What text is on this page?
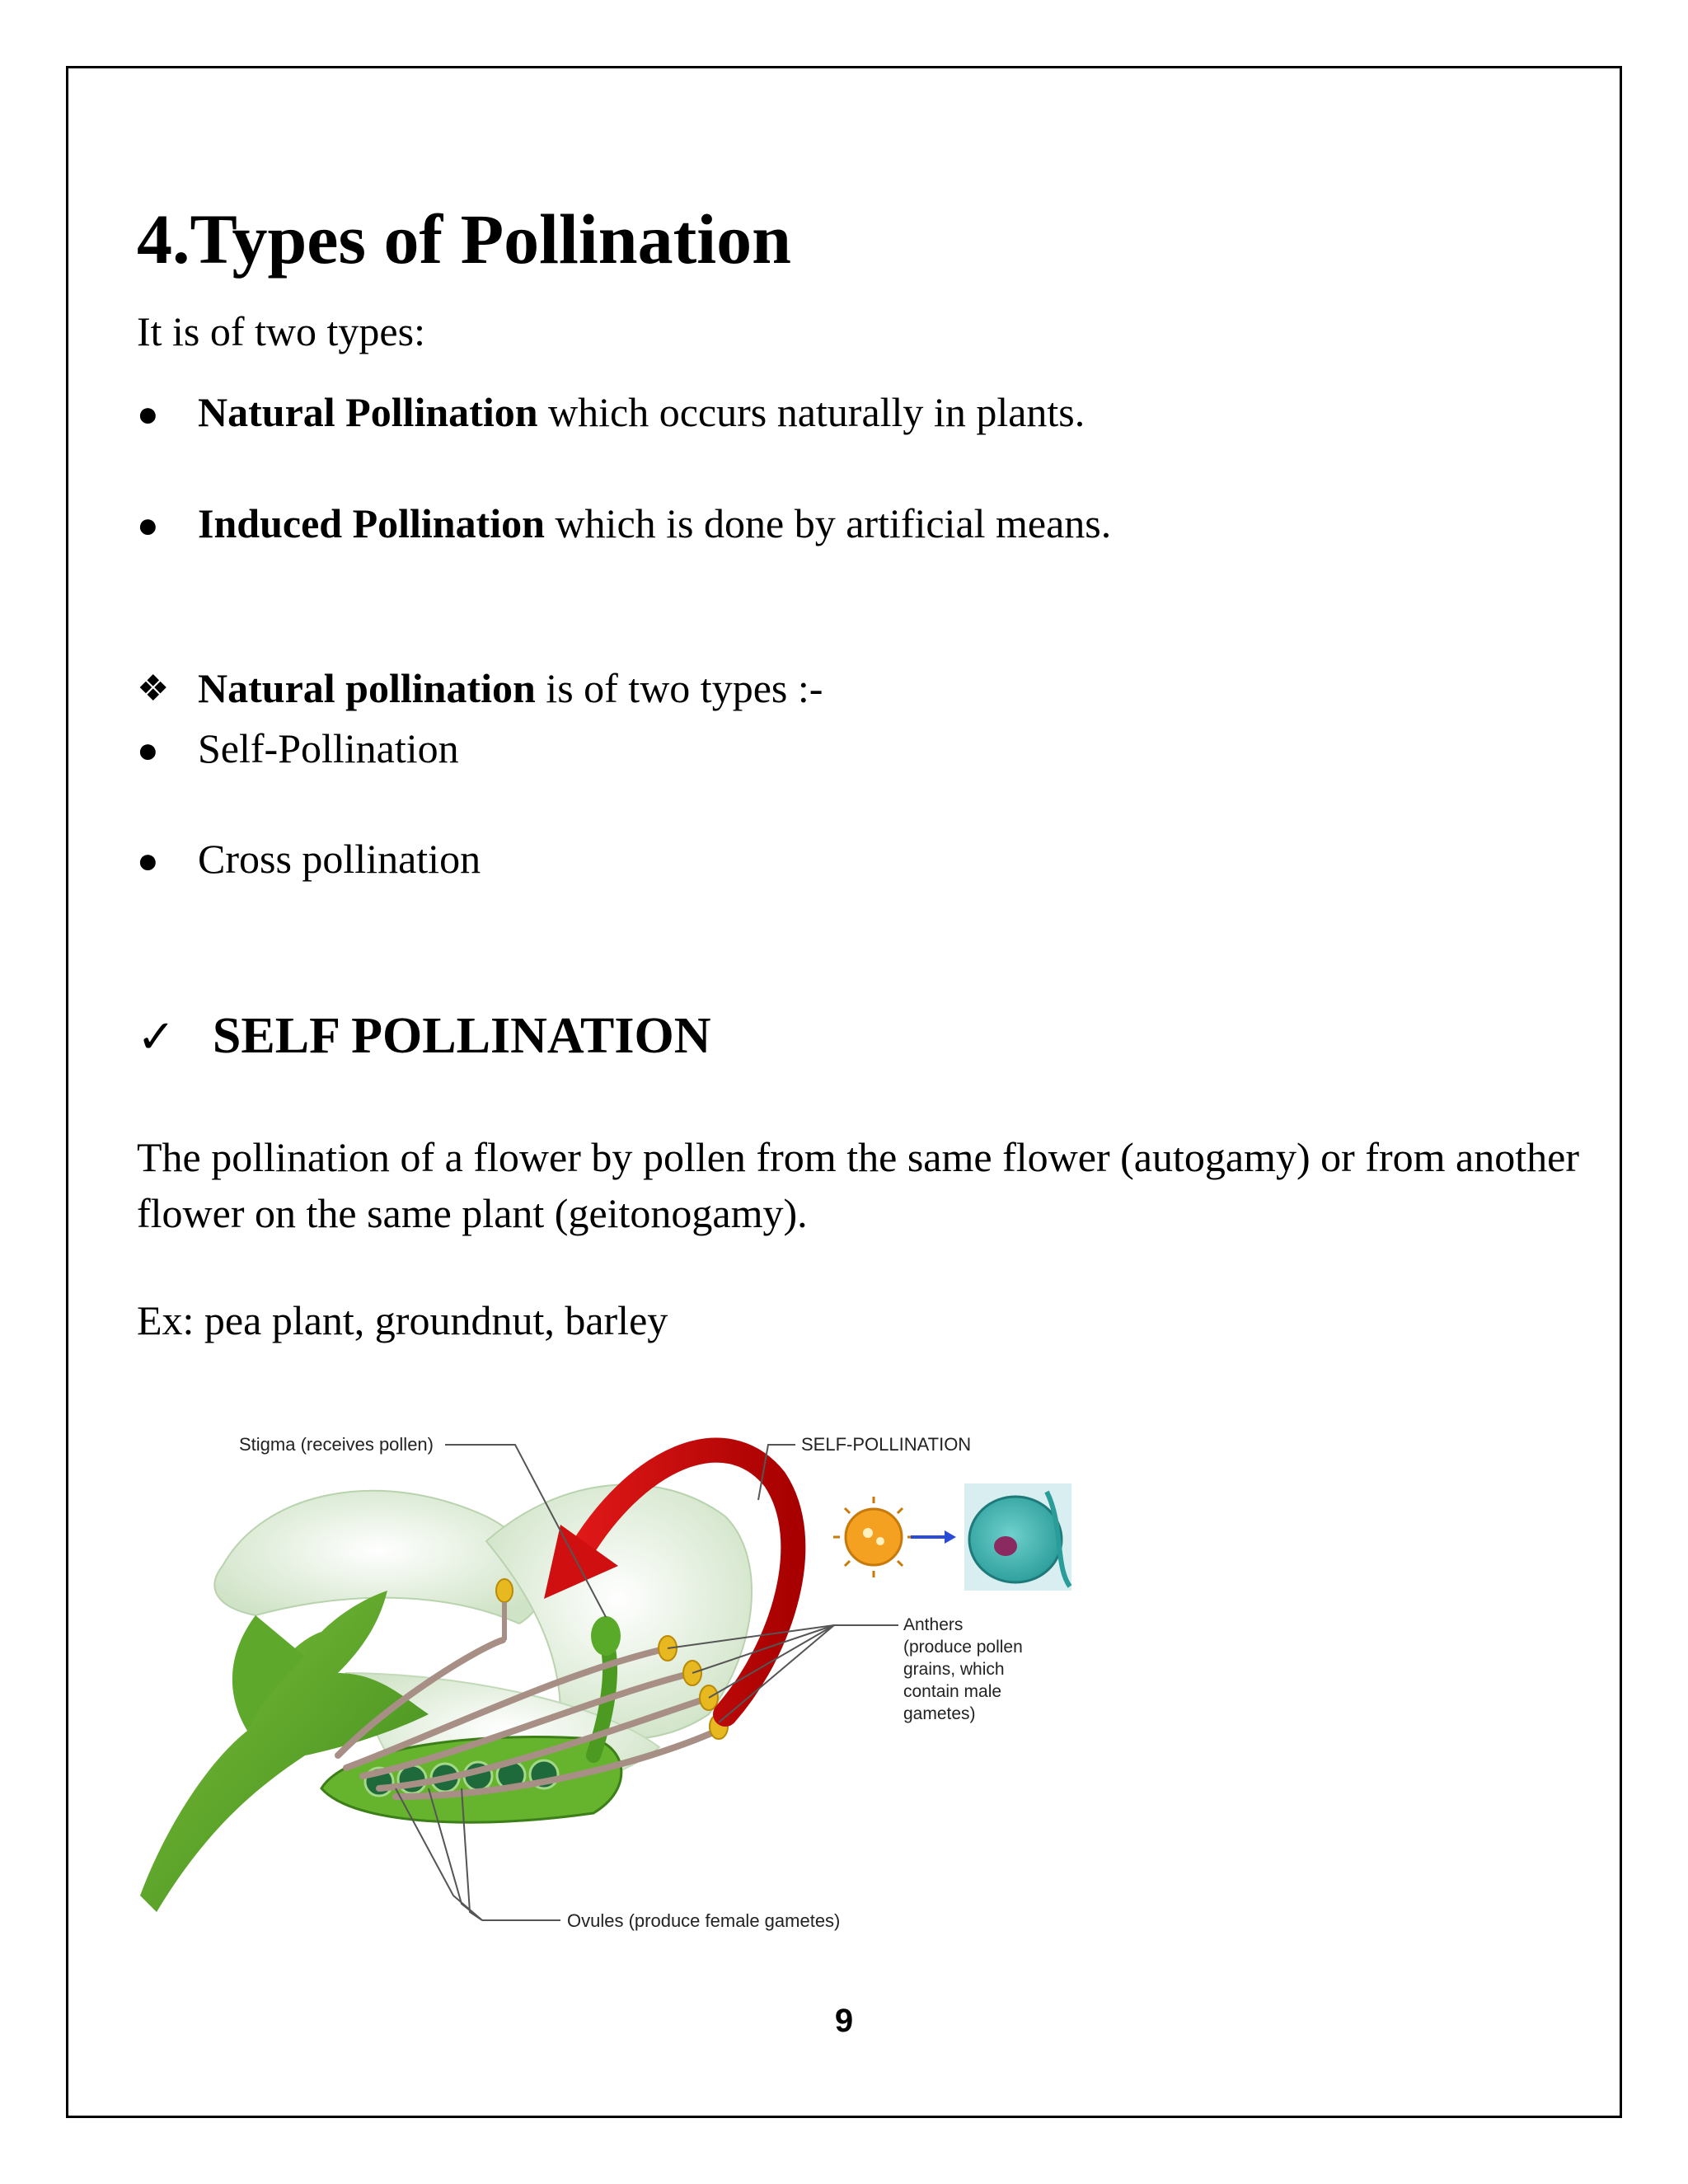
4.Types of Pollination
It is of two types:
● Natural Pollination which occurs naturally in plants.
● Induced Pollination which is done by artificial means.
❖ Natural pollination is of two types :-
● Self-Pollination
● Cross pollination
✓ SELF POLLINATION
The pollination of a flower by pollen from the same flower (autogamy) or from another flower on the same plant (geitonogamy).
Ex: pea plant, groundnut, barley
Stigma (receives pollen)	SELF-POLLINATION
Anthers (produce pollen grains, which contain male gametes)
Ovules (produce female gametes)
9
